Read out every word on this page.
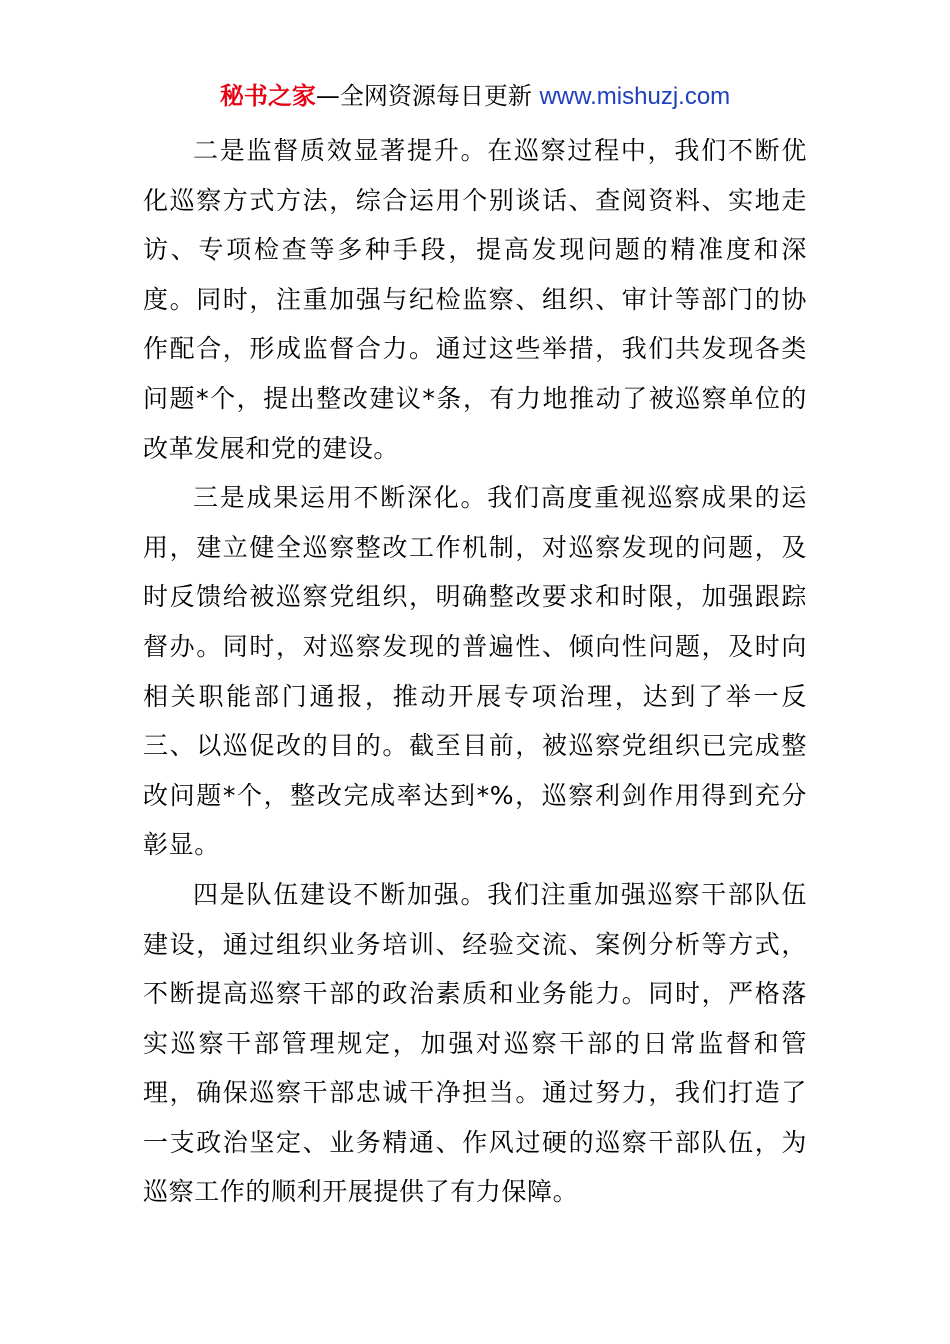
秘书之家—全网资源每日更新 www.mishuzj.com

二是监督质效显著提升。在巡察过程中，我们不断优化巡察方式方法，综合运用个别谈话、查阅资料、实地走访、专项检查等多种手段，提高发现问题的精准度和深度。同时，注重加强与纪检监察、组织、审计等部门的协作配合，形成监督合力。通过这些举措，我们共发现各类问题*个，提出整改建议*条，有力地推动了被巡察单位的改革发展和党的建设。

三是成果运用不断深化。我们高度重视巡察成果的运用，建立健全巡察整改工作机制，对巡察发现的问题，及时反馈给被巡察党组织，明确整改要求和时限，加强跟踪督办。同时，对巡察发现的普遍性、倾向性问题，及时向相关职能部门通报，推动开展专项治理，达到了举一反三、以巡促改的目的。截至目前，被巡察党组织已完成整改问题*个，整改完成率达到*%，巡察利剑作用得到充分彰显。

四是队伍建设不断加强。我们注重加强巡察干部队伍建设，通过组织业务培训、经验交流、案例分析等方式，不断提高巡察干部的政治素质和业务能力。同时，严格落实巡察干部管理规定，加强对巡察干部的日常监督和管理，确保巡察干部忠诚干净担当。通过努力，我们打造了一支政治坚定、业务精通、作风过硬的巡察干部队伍，为巡察工作的顺利开展提供了有力保障。
